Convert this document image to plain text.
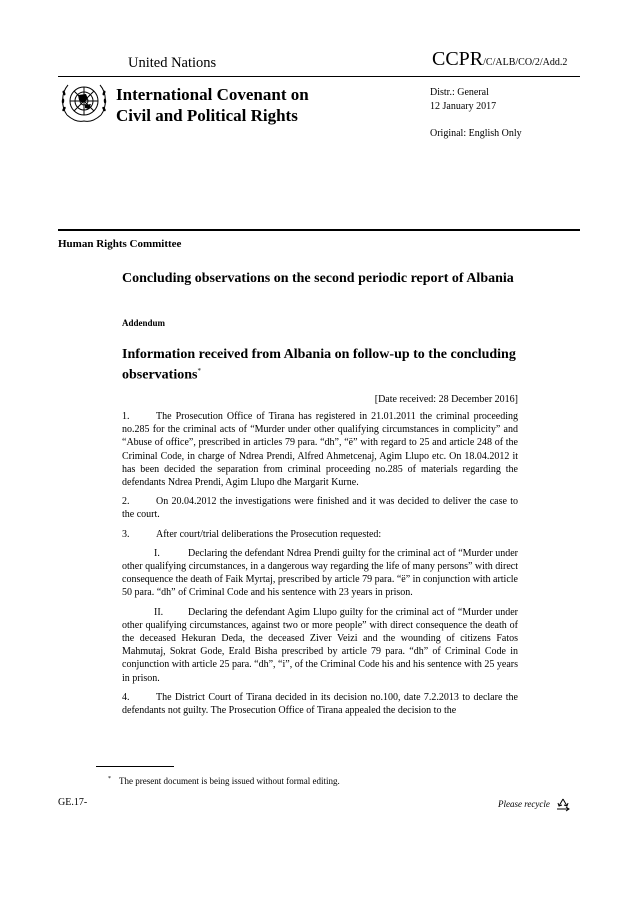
United Nations	CCPR/C/ALB/CO/2/Add.2
International Covenant on
Civil and Political Rights
Distr.: General
12 January 2017
Original: English Only
Human Rights Committee
Concluding observations on the second periodic report of Albania
Addendum
Information received from Albania on follow-up to the concluding observations*
[Date received: 28 December 2016]

1.	The Prosecution Office of Tirana has registered in 21.01.2011 the criminal proceeding no.285 for the criminal acts of “Murder under other qualifying circumstances in complicity” and “Abuse of office”, prescribed in articles 79 para. “dh”, “ë” with regard to 25 and article 248 of the Criminal Code, in charge of Ndrea Prendi, Alfred Ahmetcenaj, Agim Llupo etc. On 18.04.2012 it has been decided the separation from criminal proceeding no.285 of materials regarding the defendants Ndrea Prendi, Agim Llupo dhe Margarit Kurne.

2.	On 20.04.2012 the investigations were finished and it was decided to deliver the case to the court.

3.	After court/trial deliberations the Prosecution requested:

I.	Declaring the defendant Ndrea Prendi guilty for the criminal act of “Murder under other qualifying circumstances, in a dangerous way regarding the life of many persons” with direct consequence the death of Faik Myrtaj, prescribed by article 79 para. “ë” in conjunction with article 50 para. “dh” of Criminal Code and his sentence with 23 years in prison.

II. Declaring the defendant Agim Llupo guilty for the criminal act of “Murder under other qualifying circumstances, against two or more people” with direct consequence the death of the deceased Hekuran Deda, the deceased Ziver Veizi and the wounding of citizens Fatos Mahmutaj, Sokrat Gode, Erald Bisha prescribed by article 79 para. “dh” of Criminal Code in conjunction with article 25 para. “dh”, “i”, of the Criminal Code his and his sentence with 25 years in prison.

4.	The District Court of Tirana decided in its decision no.100, date 7.2.2013 to declare the defendants not guilty. The Prosecution Office of Tirana appealed the decision to the

* The present document is being issued without formal editing.
GE.17-	Please recycle
